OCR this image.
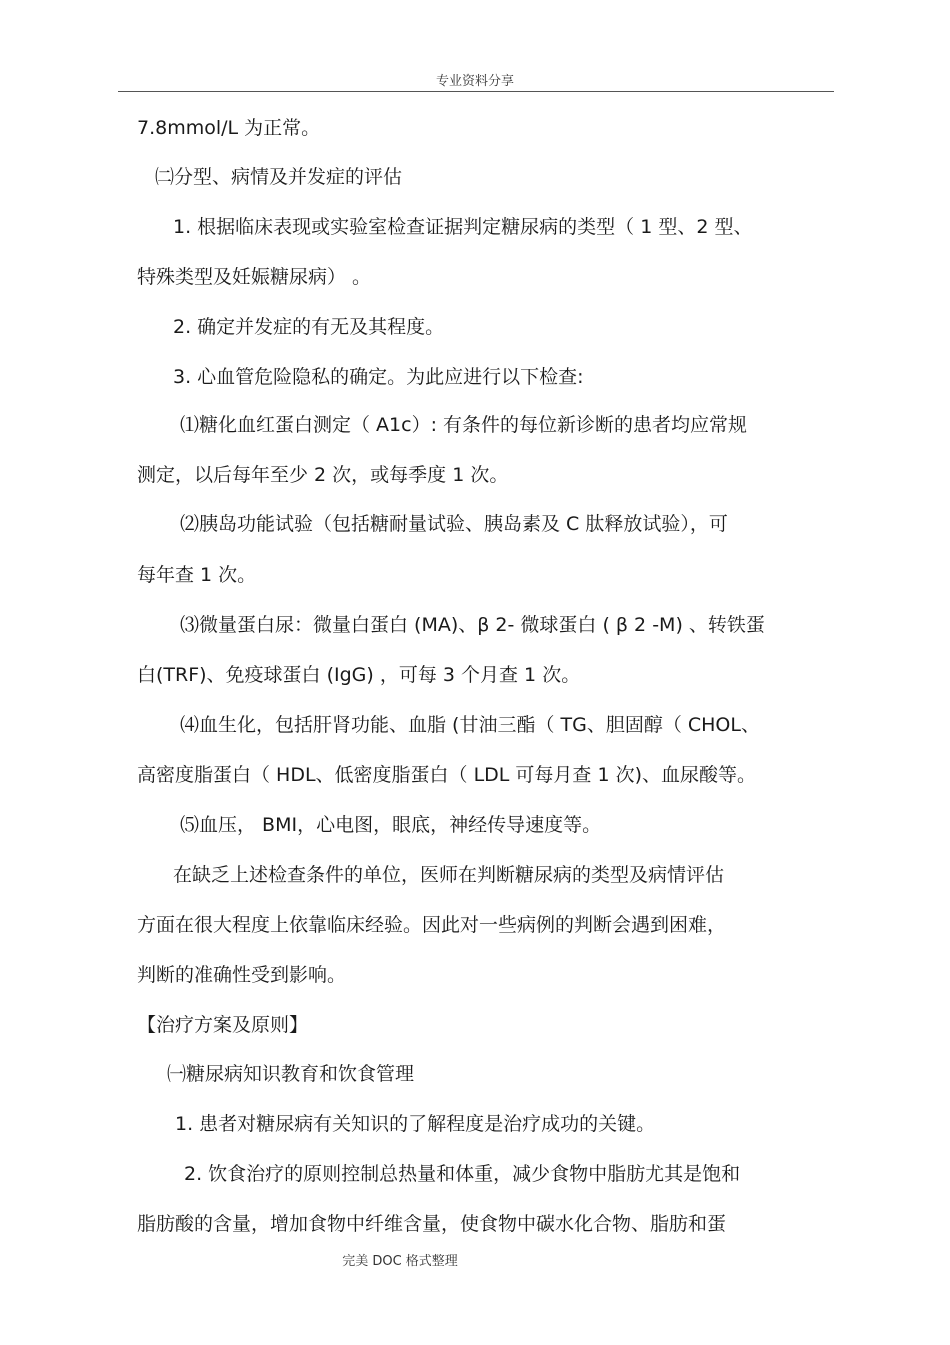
专业资料分享
7.8mmol/L 为正常。
㈡分型、病情及并发症的评估
1. 根据临床表现或实验室检查证据判定糖尿病的类型（ 1 型、2 型、
特殊类型及妊娠糖尿病） 。
2. 确定并发症的有无及其程度。
3. 心血管危险隐私的确定。为此应进行以下检查:
⑴糖化血红蛋白测定（ A1c）: 有条件的每位新诊断的患者均应常规
测定，以后每年至少 2 次，或每季度 1 次。
⑵胰岛功能试验（包括糖耐量试验、胰岛素及 C 肽释放试验），可
每年查 1 次。
⑶微量蛋白尿：微量白蛋白 (MA)、β 2- 微球蛋白 ( β 2 -M) 、转铁蛋
白(TRF)、免疫球蛋白 (IgG) ，可每 3 个月查 1 次。
⑷血生化，包括肝肾功能、血脂 (甘油三酯（ TG、胆固醇（ CHOL、
高密度脂蛋白（ HDL、低密度脂蛋白（ LDL 可每月查 1 次)、血尿酸等。
⑸血压， BMI，心电图，眼底，神经传导速度等。
在缺乏上述检查条件的单位，医师在判断糖尿病的类型及病情评估
方面在很大程度上依靠临床经验。因此对一些病例的判断会遇到困难，
判断的准确性受到影响。
【治疗方案及原则】
㈠糖尿病知识教育和饮食管理
1. 患者对糖尿病有关知识的了解程度是治疗成功的关键。
2. 饮食治疗的原则控制总热量和体重，减少食物中脂肪尤其是饱和
脂肪酸的含量，增加食物中纤维含量，使食物中碳水化合物、脂肪和蛋
完美 DOC 格式整理
